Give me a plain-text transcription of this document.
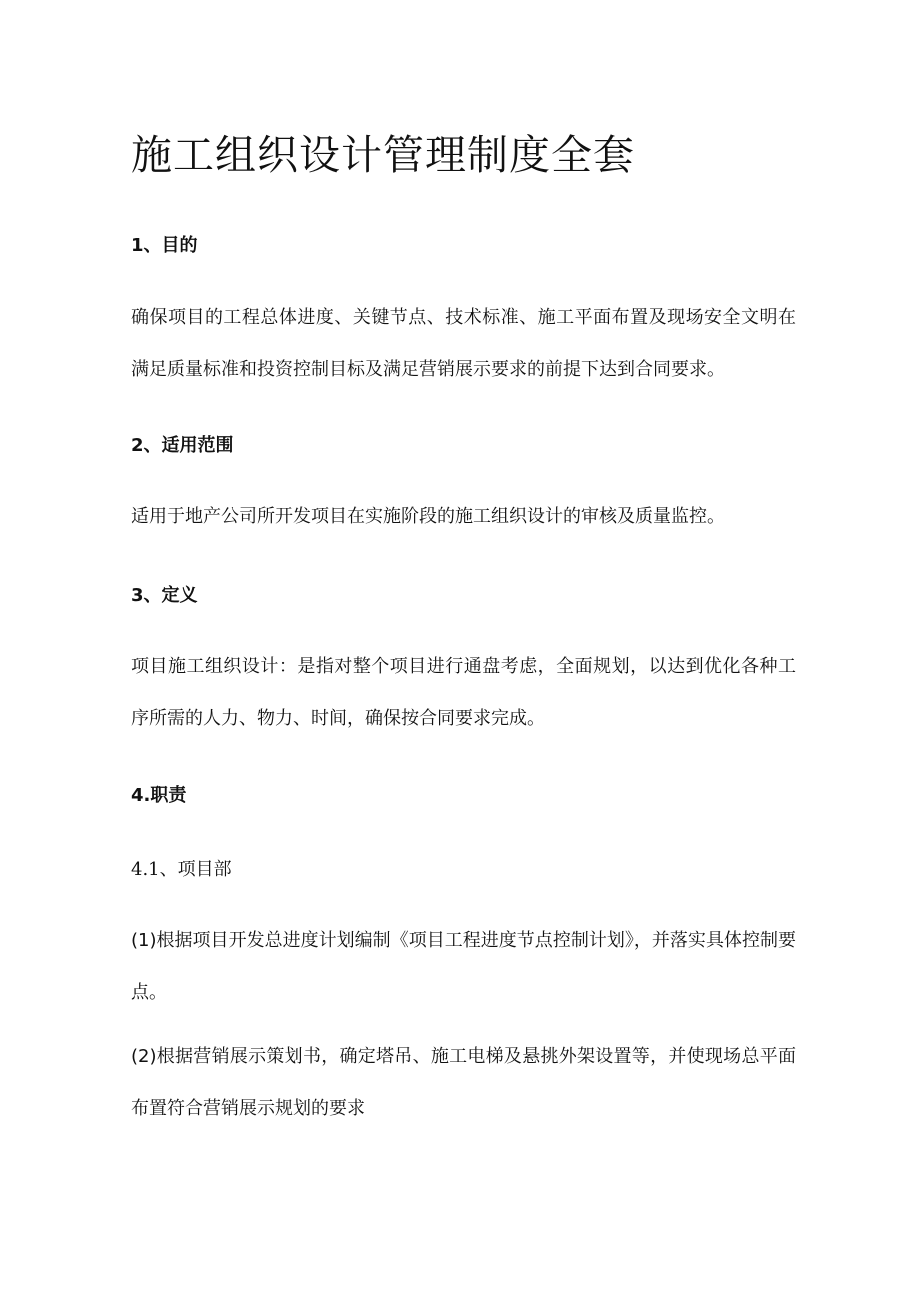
施工组织设计管理制度全套
1、目的

确保项目的工程总体进度、关键节点、技术标准、施工平面布置及现场安全文明在满足质量标准和投资控制目标及满足营销展示要求的前提下达到合同要求。

2、适用范围

适用于地产公司所开发项目在实施阶段的施工组织设计的审核及质量监控。

3、定义

项目施工组织设计：是指对整个项目进行通盘考虑，全面规划，以达到优化各种工序所需的人力、物力、时间，确保按合同要求完成。

4.职责
4.1、项目部

(1)根据项目开发总进度计划编制《项目工程进度节点控制计划》，并落实具体控制要点。

(2)根据营销展示策划书，确定塔吊、施工电梯及悬挑外架设置等，并使现场总平面布置符合营销展示规划的要求
